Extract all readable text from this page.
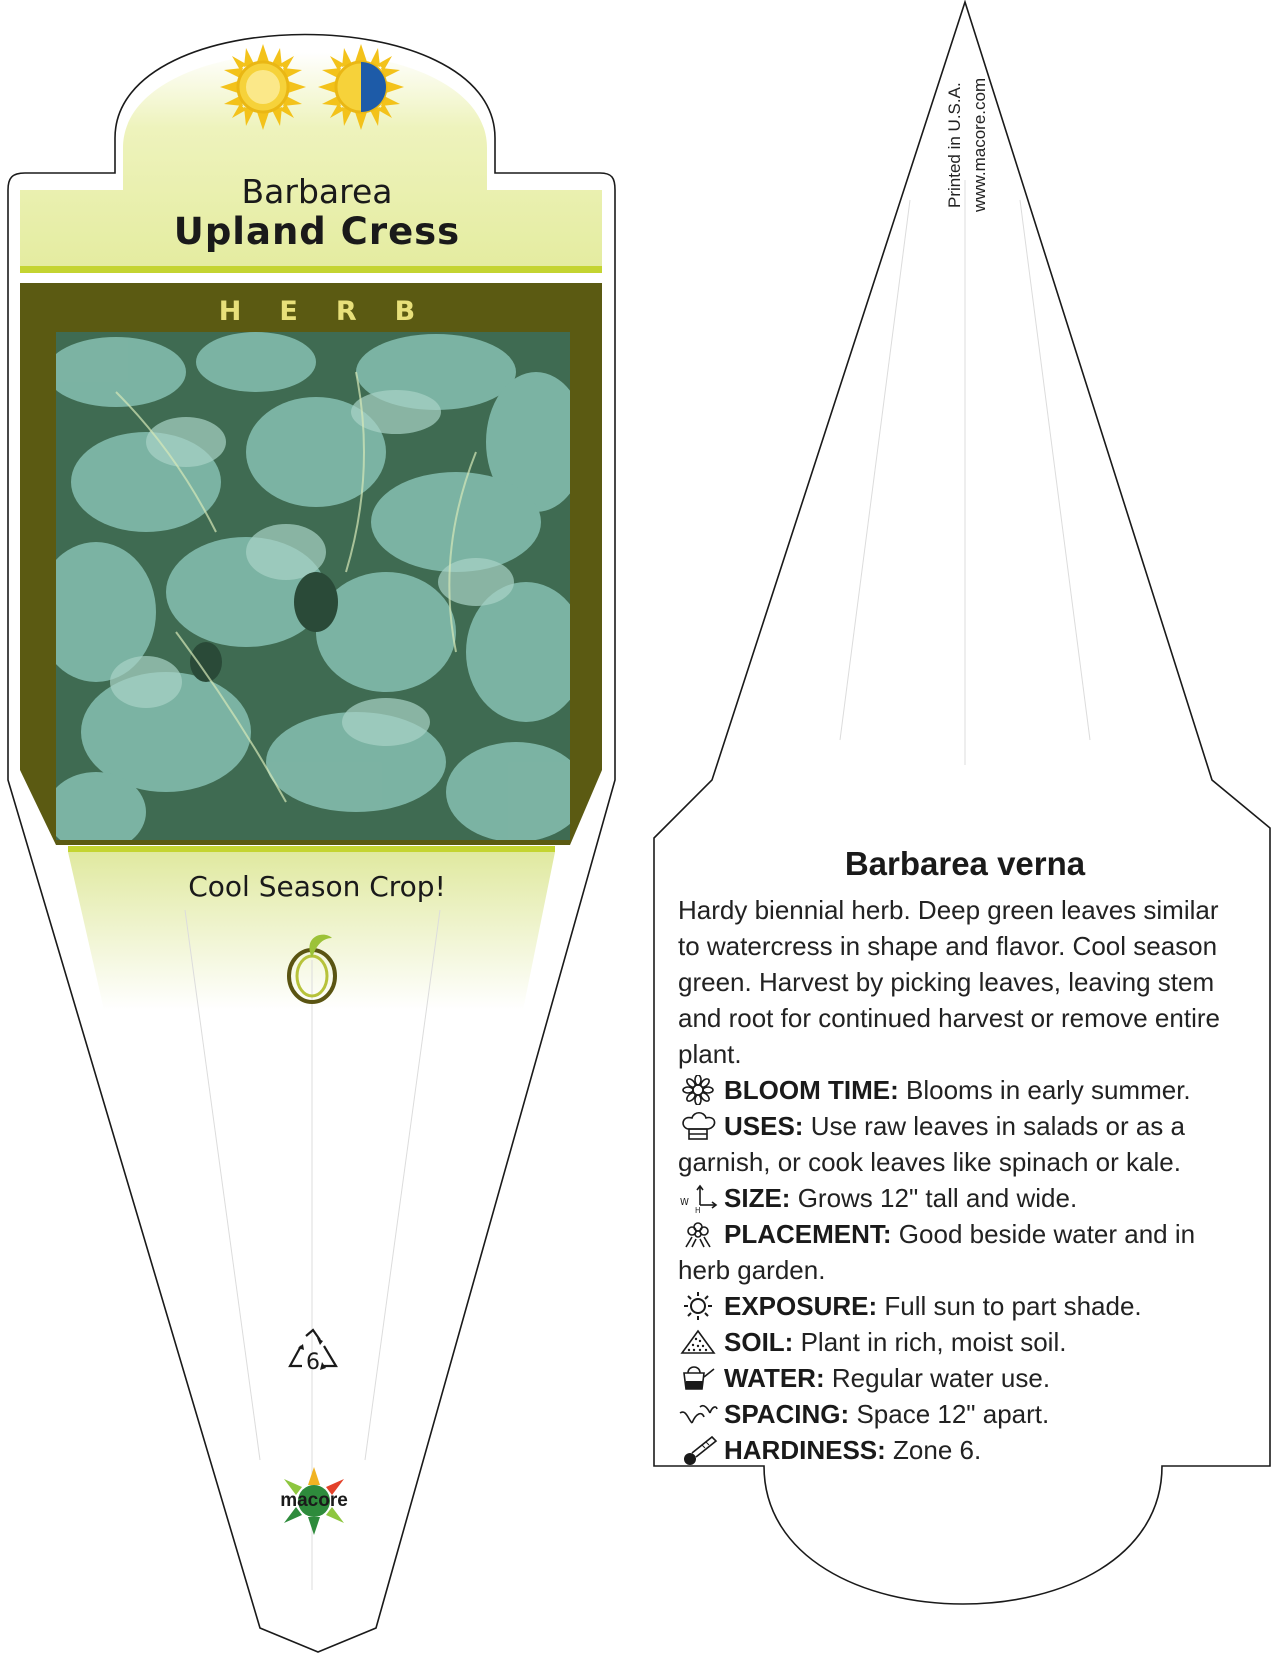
Barbarea
Upland Cress
HERB
Cool Season Crop!
6
macore
Printed in U.S.A. www.macore.com
Barbarea verna

Hardy biennial herb. Deep green leaves similar to watercress in shape and flavor. Cool season green. Harvest by picking leaves, leaving stem and root for continued harvest or remove entire plant.

BLOOM TIME: Blooms in early summer.

USES: Use raw leaves in salads or as a garnish, or cook leaves like spinach or kale.

W
H SIZE: Grows 12" tall and wide.

PLACEMENT: Good beside water and in herb garden.

EXPOSURE: Full sun to part shade.

SOIL: Plant in rich, moist soil.

WATER: Regular water use.

SPACING: Space 12" apart.

HARDINESS: Zone 6.
